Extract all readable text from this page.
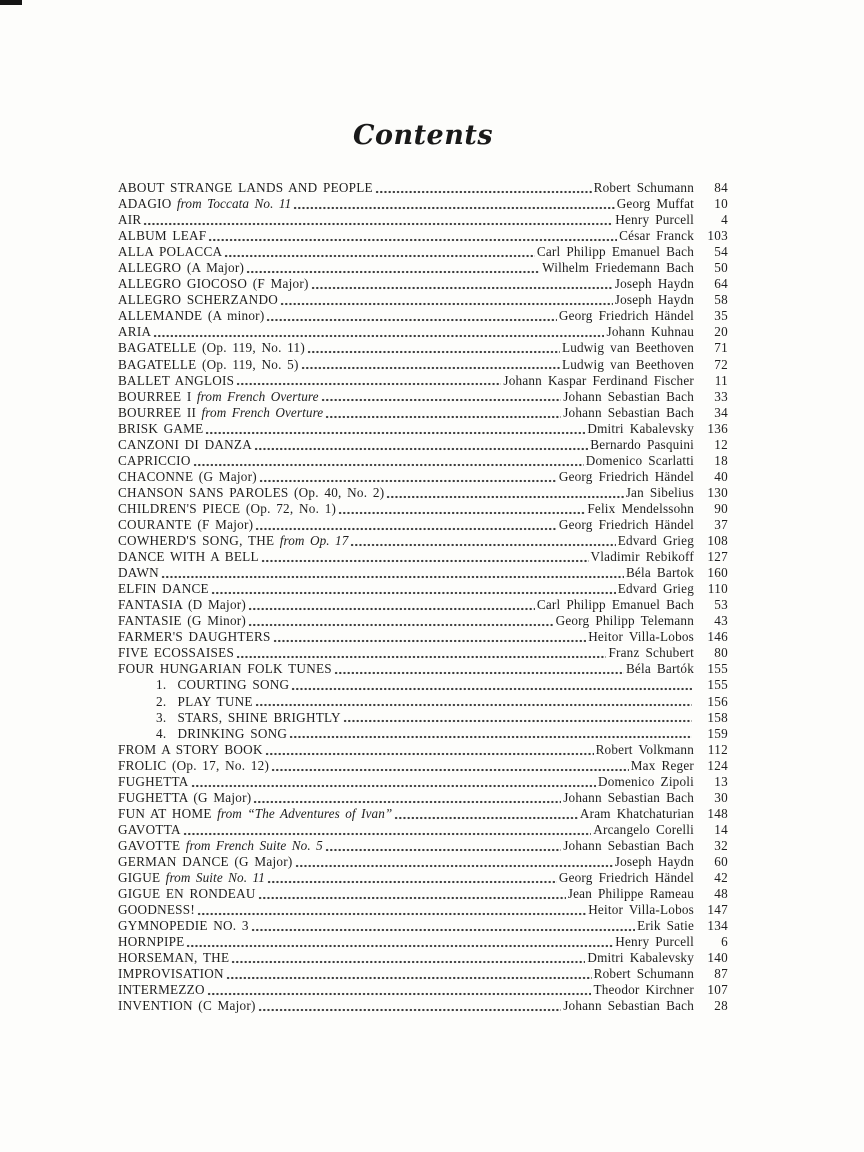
Contents
ABOUT STRANGE LANDS AND PEOPLE	Robert Schumann	84
ADAGIO from Toccata No. 11	Georg Muffat	10
AIR	Henry Purcell	4
ALBUM LEAF	César Franck	103
ALLA POLACCA	Carl Philipp Emanuel Bach	54
ALLEGRO (A Major)	Wilhelm Friedemann Bach	50
ALLEGRO GIOCOSO (F Major)	Joseph Haydn	64
ALLEGRO SCHERZANDO	Joseph Haydn	58
ALLEMANDE (A minor)	Georg Friedrich Händel	35
ARIA	Johann Kuhnau	20
BAGATELLE (Op. 119, No. 11)	Ludwig van Beethoven	71
BAGATELLE (Op. 119, No. 5)	Ludwig van Beethoven	72
BALLET ANGLOIS	Johann Kaspar Ferdinand Fischer	11
BOURREE I from French Overture	Johann Sebastian Bach	33
BOURREE II from French Overture	Johann Sebastian Bach	34
BRISK GAME	Dmitri Kabalevsky	136
CANZONI DI DANZA	Bernardo Pasquini	12
CAPRICCIO	Domenico Scarlatti	18
CHACONNE (G Major)	Georg Friedrich Händel	40
CHANSON SANS PAROLES (Op. 40, No. 2)	Jan Sibelius	130
CHILDREN'S PIECE (Op. 72, No. 1)	Felix Mendelssohn	90
COURANTE (F Major)	Georg Friedrich Händel	37
COWHERD'S SONG, THE from Op. 17	Edvard Grieg	108
DANCE WITH A BELL	Vladimir Rebikoff	127
DAWN	Béla Bartok	160
ELFIN DANCE	Edvard Grieg	110
FANTASIA (D Major)	Carl Philipp Emanuel Bach	53
FANTASIE (G Minor)	Georg Philipp Telemann	43
FARMER'S DAUGHTERS	Heitor Villa-Lobos	146
FIVE ECOSSAISES	Franz Schubert	80
FOUR HUNGARIAN FOLK TUNES	Béla Bartók	155
1.  COURTING SONG	155
2.  PLAY TUNE	156
3.  STARS, SHINE BRIGHTLY	158
4.  DRINKING SONG	159
FROM A STORY BOOK	Robert Volkmann	112
FROLIC (Op. 17, No. 12)	Max Reger	124
FUGHETTA	Domenico Zipoli	13
FUGHETTA (G Major)	Johann Sebastian Bach	30
FUN AT HOME from “The Adventures of Ivan”	Aram Khatchaturian	148
GAVOTTA	Arcangelo Corelli	14
GAVOTTE from French Suite No. 5	Johann Sebastian Bach	32
GERMAN DANCE (G Major)	Joseph Haydn	60
GIGUE from Suite No. 11	Georg Friedrich Händel	42
GIGUE EN RONDEAU	Jean Philippe Rameau	48
GOODNESS!	Heitor Villa-Lobos	147
GYMNOPEDIE NO. 3	Erik Satie	134
HORNPIPE	Henry Purcell	6
HORSEMAN, THE	Dmitri Kabalevsky	140
IMPROVISATION	Robert Schumann	87
INTERMEZZO	Theodor Kirchner	107
INVENTION (C Major)	Johann Sebastian Bach	28
